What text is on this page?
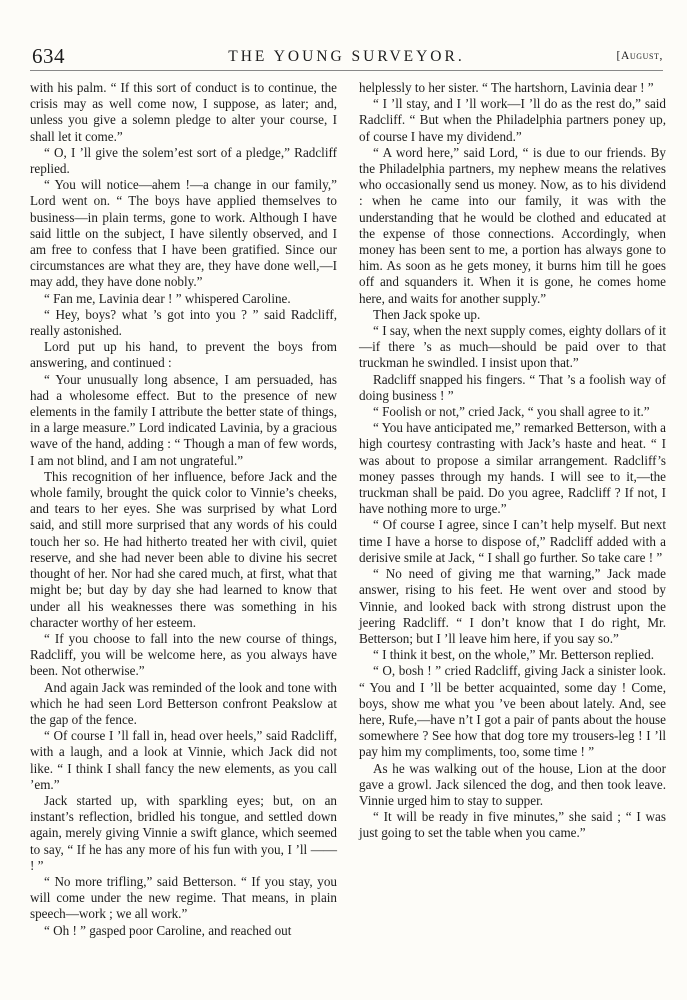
634	THE YOUNG SURVEYOR.	[August,

with his palm. “ If this sort of conduct is to continue, the crisis may as well come now, I suppose, as later; and, unless you give a solemn pledge to alter your course, I shall let it come.”

“ O, I ’ll give the solem’est sort of a pledge,” Radcliff replied.

“ You will notice—ahem !—a change in our family,” Lord went on. “ The boys have applied themselves to business—in plain terms, gone to work. Although I have said little on the subject, I have silently observed, and I am free to confess that I have been gratified. Since our circumstances are what they are, they have done well,—I may add, they have done nobly.”

“ Fan me, Lavinia dear ! ” whispered Caroline.

“ Hey, boys? what ’s got into you ? ” said Radcliff, really astonished.

Lord put up his hand, to prevent the boys from answering, and continued :

“ Your unusually long absence, I am persuaded, has had a wholesome effect. But to the presence of new elements in the family I attribute the better state of things, in a large measure.” Lord indicated Lavinia, by a gracious wave of the hand, adding : “ Though a man of few words, I am not blind, and I am not ungrateful.”

This recognition of her influence, before Jack and the whole family, brought the quick color to Vinnie’s cheeks, and tears to her eyes. She was surprised by what Lord said, and still more surprised that any words of his could touch her so. He had hitherto treated her with civil, quiet reserve, and she had never been able to divine his secret thought of her. Nor had she cared much, at first, what that might be; but day by day she had learned to know that under all his weaknesses there was something in his character worthy of her esteem.

“ If you choose to fall into the new course of things, Radcliff, you will be welcome here, as you always have been. Not otherwise.”

And again Jack was reminded of the look and tone with which he had seen Lord Betterson confront Peakslow at the gap of the fence.

“ Of course I ’ll fall in, head over heels,” said Radcliff, with a laugh, and a look at Vinnie, which Jack did not like. “ I think I shall fancy the new elements, as you call ’em.”

Jack started up, with sparkling eyes; but, on an instant’s reflection, bridled his tongue, and settled down again, merely giving Vinnie a swift glance, which seemed to say, “ If he has any more of his fun with you, I ’ll —— ! ”

“ No more trifling,” said Betterson. “ If you stay, you will come under the new regime. That means, in plain speech—work ; we all work.”

“ Oh ! ” gasped poor Caroline, and reached out

helplessly to her sister. “ The hartshorn, Lavinia dear ! ”

“ I ’ll stay, and I ’ll work—I ’ll do as the rest do,” said Radcliff. “ But when the Philadelphia partners poney up, of course I have my dividend.”

“ A word here,” said Lord, “ is due to our friends. By the Philadelphia partners, my nephew means the relatives who occasionally send us money. Now, as to his dividend : when he came into our family, it was with the understanding that he would be clothed and educated at the expense of those connections. Accordingly, when money has been sent to me, a portion has always gone to him. As soon as he gets money, it burns him till he goes off and squanders it. When it is gone, he comes home here, and waits for another supply.”

Then Jack spoke up.

“ I say, when the next supply comes, eighty dollars of it—if there ’s as much—should be paid over to that truckman he swindled. I insist upon that.”

Radcliff snapped his fingers. “ That ’s a foolish way of doing business ! ”

“ Foolish or not,” cried Jack, “ you shall agree to it.”

“ You have anticipated me,” remarked Betterson, with a high courtesy contrasting with Jack’s haste and heat. “ I was about to propose a similar arrangement. Radcliff’s money passes through my hands. I will see to it,—the truckman shall be paid. Do you agree, Radcliff ? If not, I have nothing more to urge.”

“ Of course I agree, since I can’t help myself. But next time I have a horse to dispose of,” Radcliff added with a derisive smile at Jack, “ I shall go further. So take care ! ”

“ No need of giving me that warning,” Jack made answer, rising to his feet. He went over and stood by Vinnie, and looked back with strong distrust upon the jeering Radcliff. “ I don’t know that I do right, Mr. Betterson; but I ’ll leave him here, if you say so.”

“ I think it best, on the whole,” Mr. Betterson replied.

“ O, bosh ! ” cried Radcliff, giving Jack a sinister look. “ You and I ’ll be better acquainted, some day ! Come, boys, show me what you ’ve been about lately. And, see here, Rufe,—have n’t I got a pair of pants about the house somewhere ? See how that dog tore my trousers-leg ! I ’ll pay him my compliments, too, some time ! ”

As he was walking out of the house, Lion at the door gave a growl. Jack silenced the dog, and then took leave. Vinnie urged him to stay to supper.

“ It will be ready in five minutes,” she said ; “ I was just going to set the table when you came.”
